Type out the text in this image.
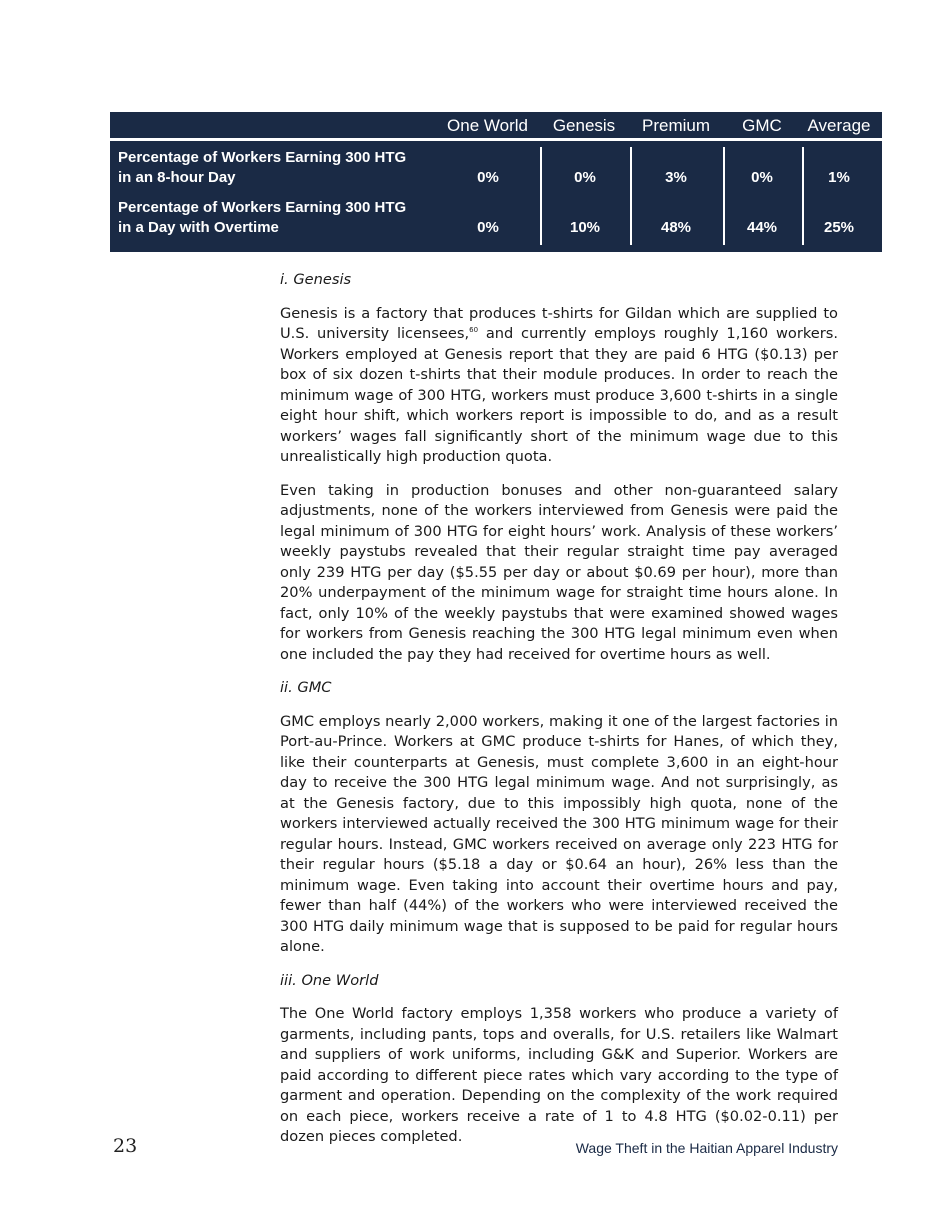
One World	Genesis	Premium	GMC	Average
Percentage of Workers Earning 300 HTG
in an 8-hour Day	0%	0%	3%	0%	1%
Percentage of Workers Earning 300 HTG
in a Day with Overtime	0%	10%	48%	44%	25%

i. Genesis

Genesis is a factory that produces t-shirts for Gildan which are supplied to U.S. university licensees,$^{60}$ and currently employs roughly 1,160 workers. Workers employed at Genesis report that they are paid 6 HTG ($0.13) per box of six dozen t-shirts that their module produces. In order to reach the minimum wage of 300 HTG, workers must produce 3,600 t-shirts in a single eight hour shift, which workers report is impossible to do, and as a result workers’ wages fall significantly short of the minimum wage due to this unrealistically high production quota.

Even taking in production bonuses and other non-guaranteed salary adjustments, none of the workers interviewed from Genesis were paid the legal minimum of 300 HTG for eight hours’ work. Analysis of these workers’ weekly paystubs revealed that their regular straight time pay averaged only 239 HTG per day ($5.55 per day or about $0.69 per hour), more than 20% underpayment of the minimum wage for straight time hours alone. In fact, only 10% of the weekly paystubs that were examined showed wages for workers from Genesis reaching the 300 HTG legal minimum even when one included the pay they had received for overtime hours as well.

ii. GMC

GMC employs nearly 2,000 workers, making it one of the largest factories in Port-au-Prince. Workers at GMC produce t-shirts for Hanes, of which they, like their counterparts at Genesis, must complete 3,600 in an eight-hour day to receive the 300 HTG legal minimum wage. And not surprisingly, as at the Genesis factory, due to this impossibly high quota, none of the workers interviewed actually received the 300 HTG minimum wage for their regular hours. Instead, GMC workers received on average only 223 HTG for their regular hours ($5.18 a day or $0.64 an hour), 26% less than the minimum wage. Even taking into account their overtime hours and pay, fewer than half (44%) of the workers who were interviewed received the 300 HTG daily minimum wage that is supposed to be paid for regular hours alone.

iii. One World

The One World factory employs 1,358 workers who produce a variety of garments, including pants, tops and overalls, for U.S. retailers like Walmart and suppliers of work uniforms, including G&K and Superior. Workers are paid according to different piece rates which vary according to the type of garment and operation. Depending on the complexity of the work required on each piece, workers receive a rate of 1 to 4.8 HTG ($0.02-0.11) per dozen pieces completed.

23	Wage Theft in the Haitian Apparel Industry
